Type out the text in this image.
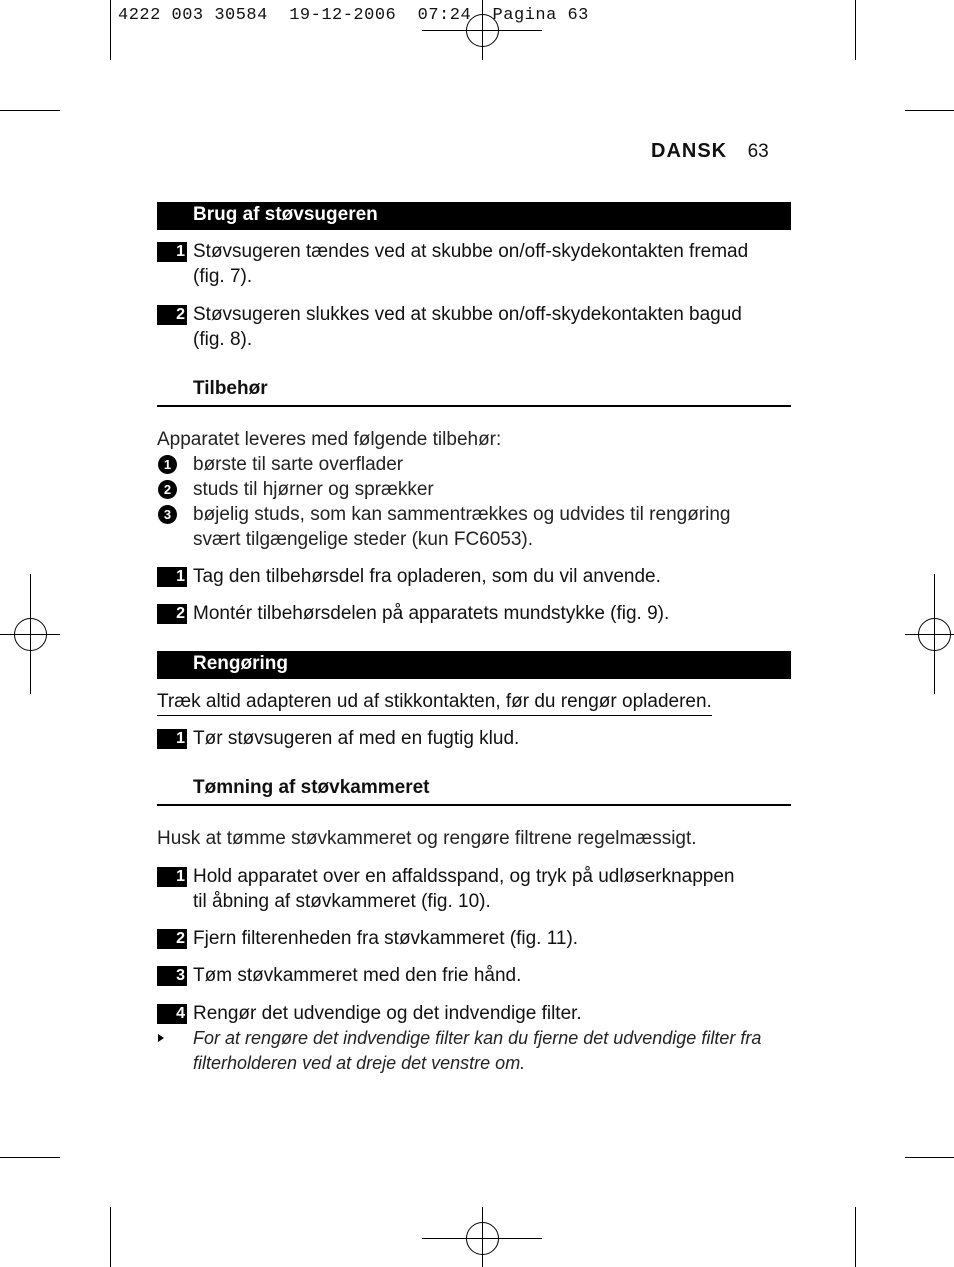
4222 003 30584  19-12-2006  07:24  Pagina 63
DANSK 63
Brug af støvsugeren
1 Støvsugeren tændes ved at skubbe on/off-skydekontakten fremad
(fig. 7).
2 Støvsugeren slukkes ved at skubbe on/off-skydekontakten bagud
(fig. 8).
Tilbehør
Apparatet leveres med følgende tilbehør:
1	børste til sarte overflader
2	studs til hjørner og sprækker
3	bøjelig studs, som kan sammentrækkes og udvides til rengøring
svært tilgængelige steder (kun FC6053).
1 Tag den tilbehørsdel fra opladeren, som du vil anvende.
2 Montér tilbehørsdelen på apparatets mundstykke (fig. 9).
Rengøring
Træk altid adapteren ud af stikkontakten, før du rengør opladeren.
1 Tør støvsugeren af med en fugtig klud.
Tømning af støvkammeret
Husk at tømme støvkammeret og rengøre filtrene regelmæssigt.
1 Hold apparatet over en affaldsspand, og tryk på udløserknappen
til åbning af støvkammeret (fig. 10).
2 Fjern filterenheden fra støvkammeret (fig. 11).
3 Tøm støvkammeret med den frie hånd.
4 Rengør det udvendige og det indvendige filter.
For at rengøre det indvendige filter kan du fjerne det udvendige filter fra
filterholderen ved at dreje det venstre om.
